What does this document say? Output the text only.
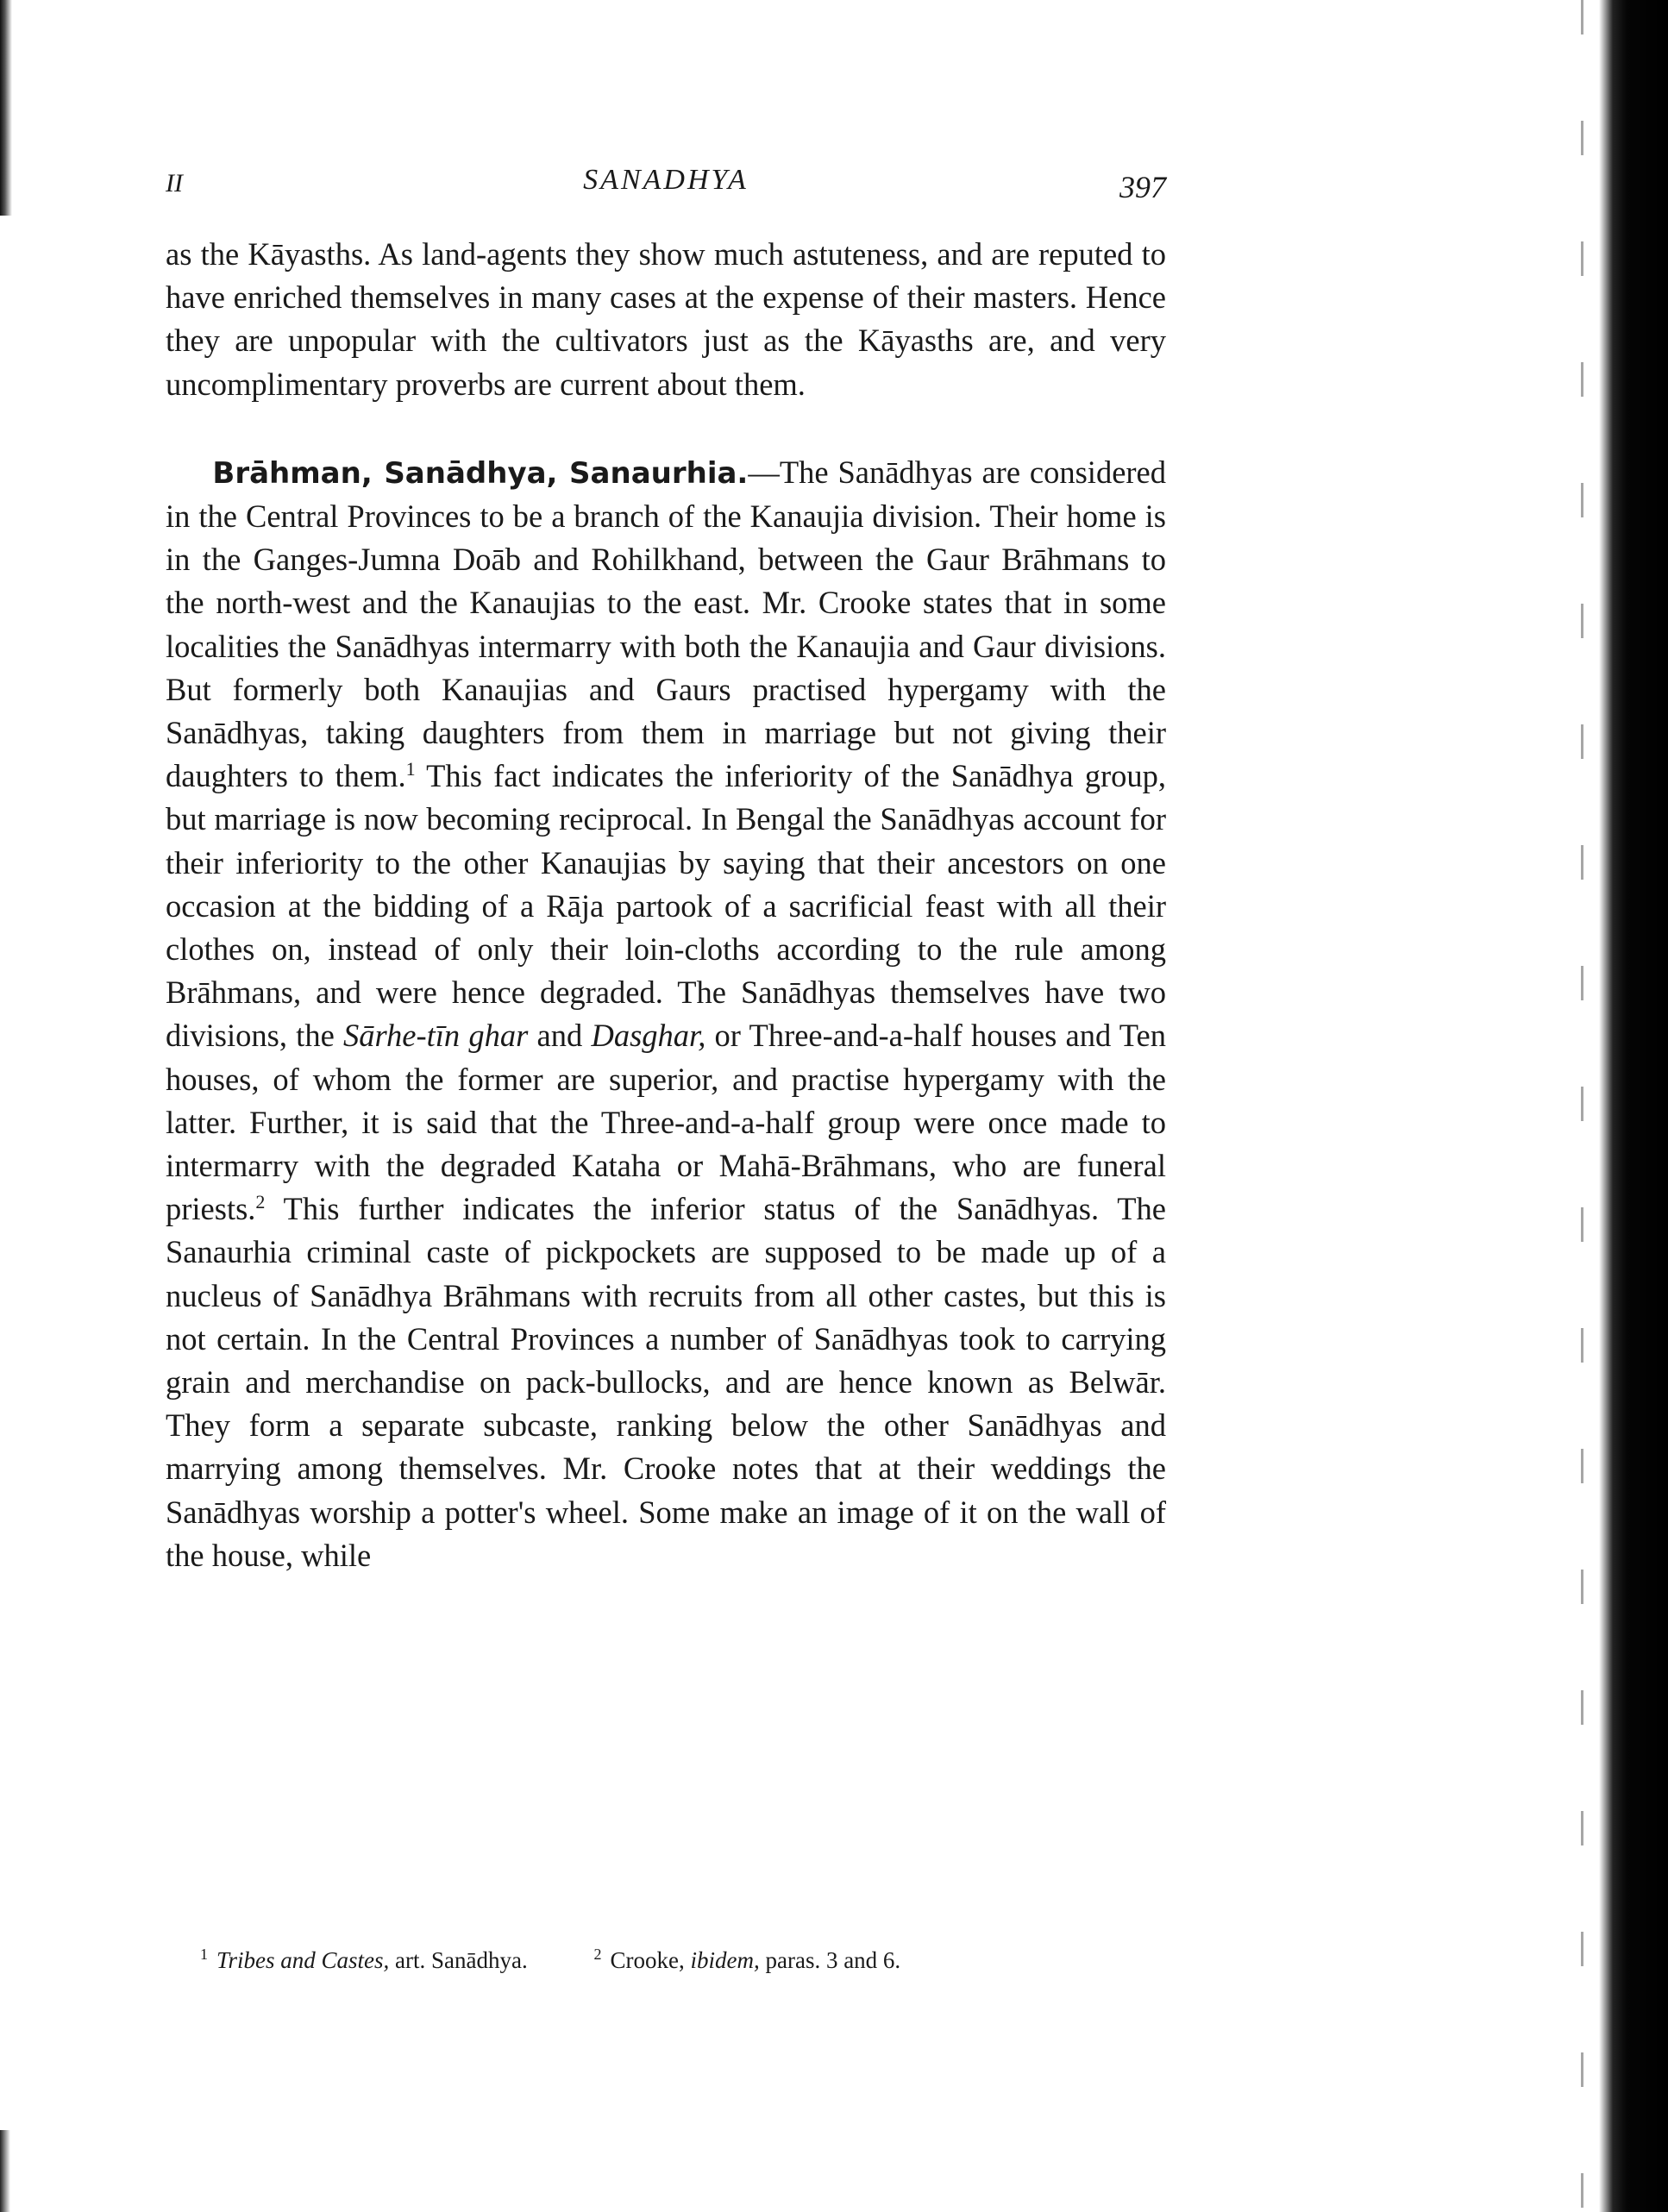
II	SANADHYA	397

as the Kāyasths. As land-agents they show much astuteness, and are reputed to have enriched themselves in many cases at the expense of their masters. Hence they are unpopular with the cultivators just as the Kāyasths are, and very uncomplimentary proverbs are current about them.

Brāhman, Sanādhya, Sanaurhia.—The Sanādhyas are considered in the Central Provinces to be a branch of the Kanaujia division. Their home is in the Ganges-Jumna Doāb and Rohilkhand, between the Gaur Brāhmans to the north-west and the Kanaujias to the east. Mr. Crooke states that in some localities the Sanādhyas intermarry with both the Kanaujia and Gaur divisions. But formerly both Kanaujias and Gaurs practised hypergamy with the Sanādhyas, taking daughters from them in marriage but not giving their daughters to them.$^1$ This fact indicates the inferiority of the Sanādhya group, but marriage is now becoming reciprocal. In Bengal the Sanādhyas account for their inferiority to the other Kanaujias by saying that their ancestors on one occasion at the bidding of a Rāja partook of a sacrificial feast with all their clothes on, instead of only their loin-cloths according to the rule among Brāhmans, and were hence degraded. The Sanādhyas themselves have two divisions, the Sārhe-tīn ghar and Dasghar, or Three-and-a-half houses and Ten houses, of whom the former are superior, and practise hypergamy with the latter. Further, it is said that the Three-and-a-half group were once made to intermarry with the degraded Kataha or Mahā-Brāhmans, who are funeral priests.$^2$ This further indicates the inferior status of the Sanādhyas. The Sanaurhia criminal caste of pickpockets are supposed to be made up of a nucleus of Sanādhya Brāhmans with recruits from all other castes, but this is not certain. In the Central Provinces a number of Sanādhyas took to carrying grain and merchandise on pack-bullocks, and are hence known as Belwār. They form a separate subcaste, ranking below the other Sanādhyas and marrying among themselves. Mr. Crooke notes that at their weddings the Sanādhyas worship a potter's wheel. Some make an image of it on the wall of the house, while

$^1$ Tribes and Castes, art. Sanādhya.	$^2$ Crooke, ibidem, paras. 3 and 6.
